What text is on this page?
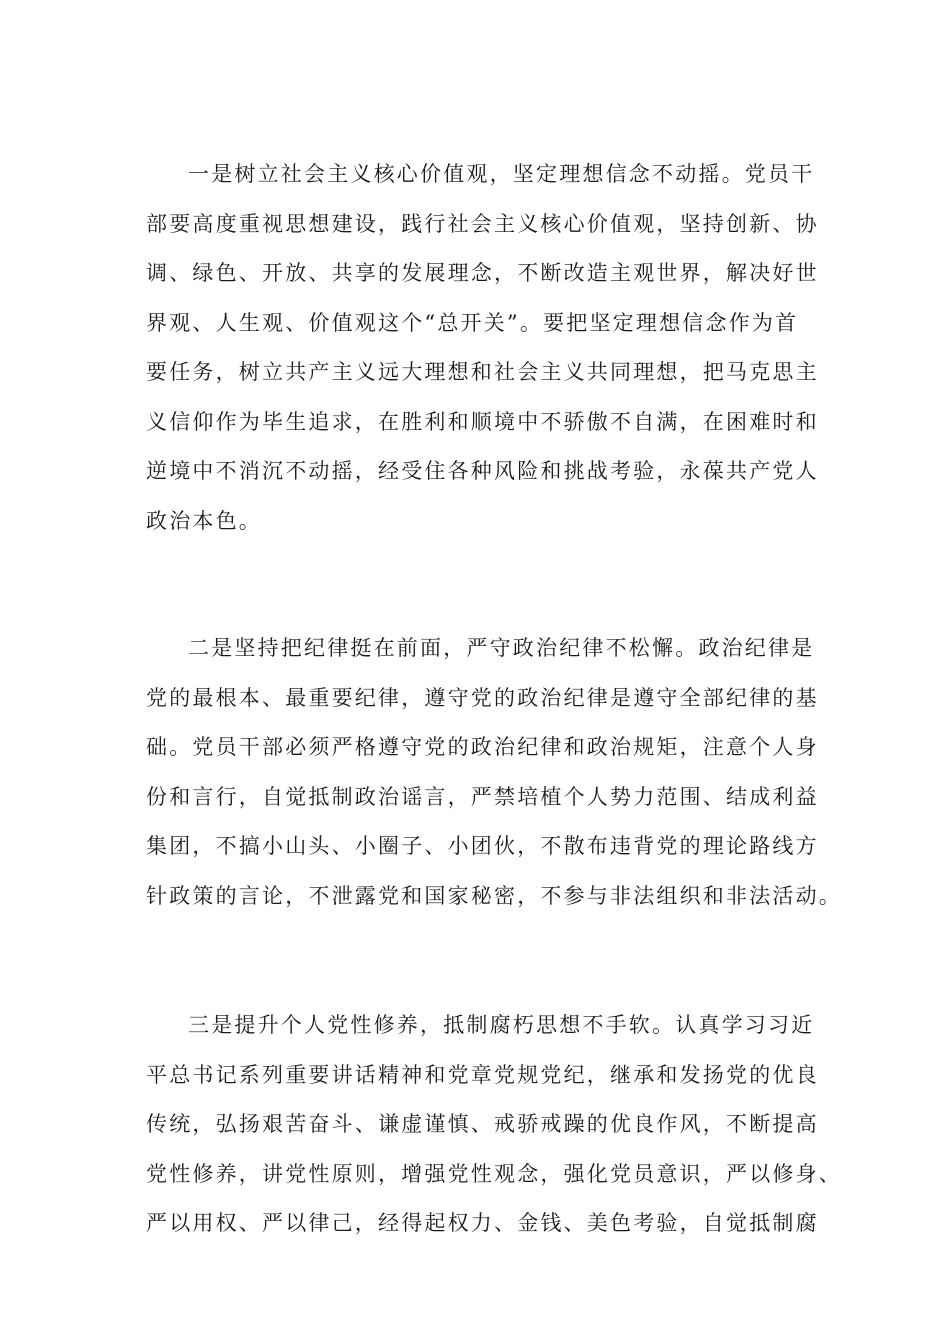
一是树立社会主义核心价值观，坚定理想信念不动摇。党员干
部要高度重视思想建设，践行社会主义核心价值观，坚持创新、协
调、绿色、开放、共享的发展理念，不断改造主观世界，解决好世
界观、人生观、价值观这个“总开关”。要把坚定理想信念作为首
要任务，树立共产主义远大理想和社会主义共同理想，把马克思主
义信仰作为毕生追求，在胜利和顺境中不骄傲不自满，在困难时和
逆境中不消沉不动摇，经受住各种风险和挑战考验，永葆共产党人
政治本色。

二是坚持把纪律挺在前面，严守政治纪律不松懈。政治纪律是
党的最根本、最重要纪律，遵守党的政治纪律是遵守全部纪律的基
础。党员干部必须严格遵守党的政治纪律和政治规矩，注意个人身
份和言行，自觉抵制政治谣言，严禁培植个人势力范围、结成利益
集团，不搞小山头、小圈子、小团伙，不散布违背党的理论路线方
针政策的言论，不泄露党和国家秘密，不参与非法组织和非法活动。

三是提升个人党性修养，抵制腐朽思想不手软。认真学习习近
平总书记系列重要讲话精神和党章党规党纪，继承和发扬党的优良
传统，弘扬艰苦奋斗、谦虚谨慎、戒骄戒躁的优良作风，不断提高
党性修养，讲党性原则，增强党性观念，强化党员意识，严以修身、
严以用权、严以律己，经得起权力、金钱、美色考验，自觉抵制腐
